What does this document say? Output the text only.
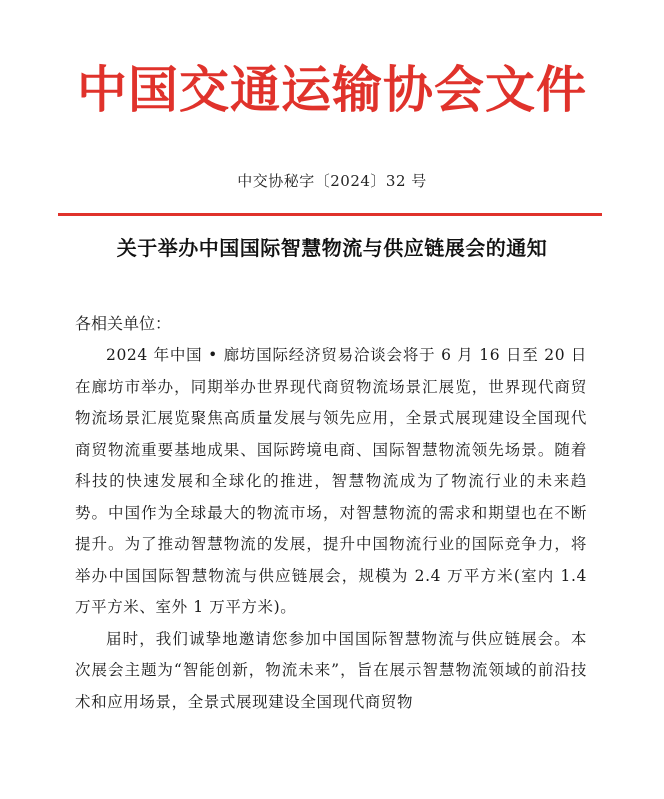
中国交通运输协会文件
中交协秘字〔2024〕32 号
关于举办中国国际智慧物流与供应链展会的通知
各相关单位：

2024 年中国 • 廊坊国际经济贸易洽谈会将于 6 月 16 日至 20 日在廊坊市举办，同期举办世界现代商贸物流场景汇展览，世界现代商贸物流场景汇展览聚焦高质量发展与领先应用，全景式展现建设全国现代商贸物流重要基地成果、国际跨境电商、国际智慧物流领先场景。随着科技的快速发展和全球化的推进，智慧物流成为了物流行业的未来趋势。中国作为全球最大的物流市场，对智慧物流的需求和期望也在不断提升。为了推动智慧物流的发展，提升中国物流行业的国际竞争力，将举办中国国际智慧物流与供应链展会，规模为 2.4 万平方米(室内 1.4 万平方米、室外 1 万平方米)。

届时，我们诚挚地邀请您参加中国国际智慧物流与供应链展会。本次展会主题为“智能创新，物流未来”，旨在展示智慧物流领域的前沿技术和应用场景，全景式展现建设全国现代商贸物
